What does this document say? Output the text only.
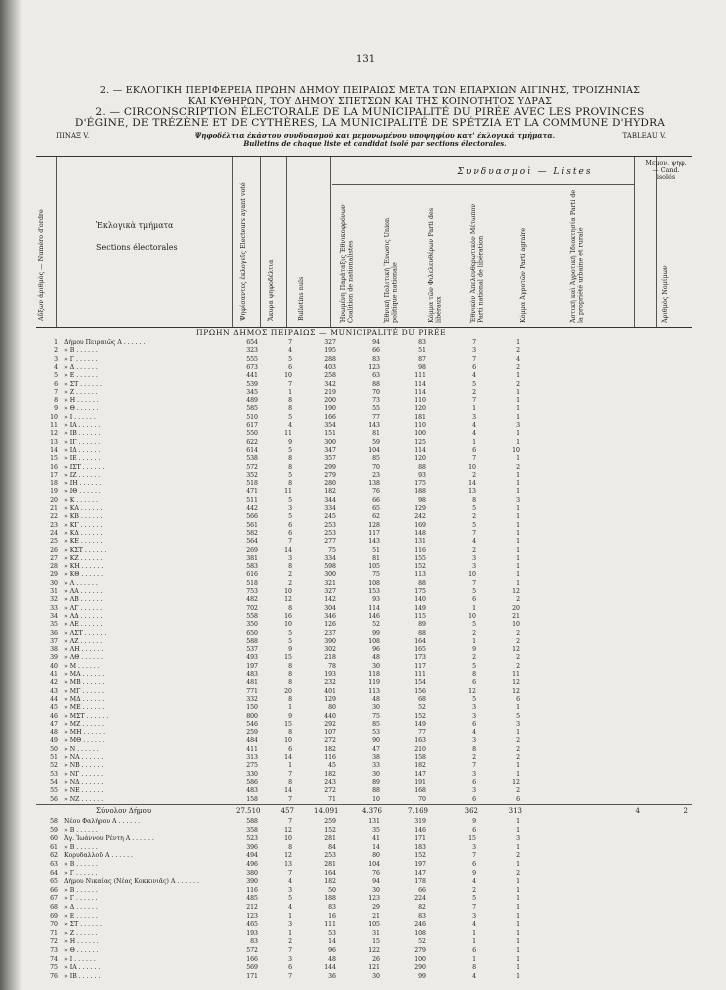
131
2. — ΕΚΛΟΓΙΚΗ ΠΕΡΙΦΕΡΕΙΑ ΠΡΩΗΝ ΔΗΜΟΥ ΠΕΙΡΑΙΩΣ ΜΕΤΑ ΤΩΝ ΕΠΑΡΧΙΩΝ ΑΙΓΙΝΗΣ, ΤΡΟΙΖΗΝΙΑΣ
ΚΑΙ ΚΥΘΗΡΩΝ, ΤΟΥ ΔΗΜΟΥ ΣΠΕΤΣΩΝ ΚΑΙ ΤΗΣ ΚΟΙΝΟΤΗΤΟΣ ΥΔΡΑΣ
2. — CIRCONSCRIPTION ÉLECTORALE DE LA MUNICIPALITÉ DU PIRÉE AVEC LES PROVINCES
D'ÉGINE, DE TRÉZÈNE ET DE CYTHÈRES, LA MUNICIPALITÉ DE SPÉTZIA ET LA COMMUNE D'HYDRA
ΠΙΝΑΞ V.	TABLEAU V.
Ψηφοδέλτια έκάστου συνδυασμού και μεμονωμένου υποψηφίου κατ' έκλογικά τμήματα.
Bulletins de chaque liste et candidat isolé par sections électorales.
Αὔξων ἀριθμὸς — Numéro d'ordre	Ἐκλογικὰ τμήματα
Sections électorales	Ψηφίσαντες ἐκλογεῖς Electeurs ayant voté	Ἄκυρα ψηφοδέλτια	Bulletins nuls
Συνδυασμοὶ — Listes
Ἡνωμένη Παράταξις Ἐθνικοφρόνων Coalition de nationalistes	Ἐθνικὴ Πολιτικὴ Ἕνωσις Union politique nationale	Κόμμα τῶν Φιλελευθέρων Parti des libéraux	Ἐθνικὸν Ἀπελευθερωτικὸν Μέτωπον Parti national de libération	Κόμμα Ἀγροτῶν Parti agraire	Ἀστικὴ καὶ Ἀγροτικὴ Ἰδιοκτησία Parti de la propriété urbaine et rurale
Μεμον. ψηφ. — Cand. isolés
Ἀριθμὸς Νομίμων
ΠΡΩΗΝ ΔΗΜΟΣ ΠΕΙΡΑΙΩΣ — MUNICIPALITÉ DU PIRÉE
1 Δήμου Πειραιῶς Α . . . . . .	654	7	327	94	83	7	1
2 » Β . . . . . .	323	4	195	66	51	3	2
3 » Γ . . . . . .	555	5	288	83	87	7	4
4 » Δ . . . . . .	673	6	403	123	98	6	2
5 » Ε . . . . . .	441	10	258	63	111	4	1
6 » ΣΤ . . . . . .	539	7	342	88	114	5	2
7 » Ζ . . . . . .	345	1	219	70	114	2	1
8 » Η . . . . . .	489	8	200	73	110	7	1
9 » Θ . . . . . .	585	8	190	55	120	1	1
10 » Ι . . . . . .	510	5	166	77	181	3	1
11 » ΙΑ . . . . . .	617	4	354	143	110	4	3
12 » ΙΒ . . . . . .	550	11	151	81	100	4	1
13 » ΙΓ . . . . . .	622	9	300	59	125	1	1
14 » ΙΔ . . . . . .	614	5	347	104	114	6	10
15 » ΙΕ . . . . . .	538	8	357	85	120	7	1
16 » ΙΣΤ . . . . . .	572	8	299	70	88	10	2
17 » ΙΖ . . . . . .	352	5	279	23	93	2	1
18 » ΙΗ . . . . . .	518	8	280	138	175	14	1
19 » ΙΘ . . . . . .	471	11	182	76	188	13	1
20 » Κ . . . . . .	511	5	344	66	98	8	3
21 » ΚΑ . . . . . .	442	3	334	65	129	5	1
22 » ΚΒ . . . . . .	566	5	245	62	242	2	1
23 » ΚΓ . . . . . .	561	6	253	128	169	5	1
24 » ΚΔ . . . . . .	582	6	253	117	148	7	1
25 » ΚΕ . . . . . .	564	7	277	143	131	4	1
26 » ΚΣΤ . . . . . .	269	14	75	51	116	2	1
27 » ΚΖ . . . . . .	381	3	334	81	155	3	1
28 » ΚΗ . . . . . .	583	8	598	105	152	3	1
29 » ΚΘ . . . . . .	616	2	300	75	113	10	1
30 » Λ . . . . . .	518	2	321	108	88	7	1
31 » ΛΑ . . . . . .	753	10	327	153	175	5	12
32 » ΛΒ . . . . . .	482	12	142	93	140	6	2
33 » ΛΓ . . . . . .	702	8	304	114	149	1	20
34 » ΛΔ . . . . . .	558	16	346	146	115	10	21
35 » ΛΕ . . . . . .	350	10	126	52	89	5	10
36 » ΛΣΤ . . . . . .	650	5	237	99	88	2	2
37 » ΛΖ . . . . . .	588	5	390	108	164	1	2
38 » ΛΗ . . . . . .	537	9	302	96	165	9	12
39 » ΛΘ . . . . . .	493	15	218	48	173	2	2
40 » Μ . . . . . .	197	8	78	30	117	5	2
41 » ΜΑ . . . . . .	483	8	193	118	111	8	11
42 » ΜΒ . . . . . .	481	8	232	119	154	6	12
43 » ΜΓ . . . . . .	771	20	401	113	156	12	12
44 » ΜΔ . . . . . .	332	8	129	48	68	5	6
45 » ΜΕ . . . . . .	150	1	80	30	52	3	1
46 » ΜΣΤ . . . . . .	800	9	440	75	152	3	5
47 » ΜΖ . . . . . .	546	15	292	85	149	6	3
48 » ΜΗ . . . . . .	259	8	107	53	77	4	1
49 » ΜΘ . . . . . .	484	10	272	90	163	3	2
50 » Ν . . . . . .	411	6	182	47	210	8	2
51 » ΝΑ . . . . . .	313	14	116	38	158	2	2
52 » ΝΒ . . . . . .	275	1	45	33	182	7	1
53 » ΝΓ . . . . . .	330	7	182	30	147	3	1
54 » ΝΔ . . . . . .	586	8	243	89	191	6	12
55 » ΝΕ . . . . . .	483	14	272	88	168	3	2
56 » ΝΖ . . . . . .	158	7	71	10	70	6	6
Σύνολον Δήμου	27.510	457	14.091	4.376	7.169	362	313	4	2
58 Νέου Φαλήρου Α . . . . . .	588	7	259	131	319	9	1
59 » Β . . . . . .	358	12	152	35	146	6	1
60 Ἁγ. Ἰωάννου Ρέντη Α . . . . . .	523	10	281	41	171	15	3
61 » Β . . . . . .	396	8	84	14	183	3	1
62 Κορυδαλλοῦ Α . . . . . .	494	12	253	80	152	7	2
63 » Β . . . . . .	496	13	281	104	197	6	1
64 » Γ . . . . . .	380	7	164	76	147	9	2
65 Δήμου Νικαίας (Νέας Κοκκινιᾶς) Α . . . . . .	390	4	182	94	178	4	1
66 » Β . . . . . .	116	3	50	30	66	2	1
67 » Γ . . . . . .	485	5	188	123	224	5	1
68 » Δ . . . . . .	212	4	83	29	82	7	1
69 » Ε . . . . . .	123	1	16	21	83	3	1
70 » ΣΤ . . . . . .	465	3	111	105	246	4	1
71 » Ζ . . . . . .	193	1	53	31	108	1	1
72 » Η . . . . . .	83	2	14	15	52	1	1
73 » Θ . . . . . .	572	7	96	122	279	6	1
74 » Ι . . . . . .	166	3	48	26	100	1	1
75 » ΙΑ . . . . . .	569	6	144	121	290	8	1
76 » ΙΒ . . . . . .	171	7	36	30	99	4	1
